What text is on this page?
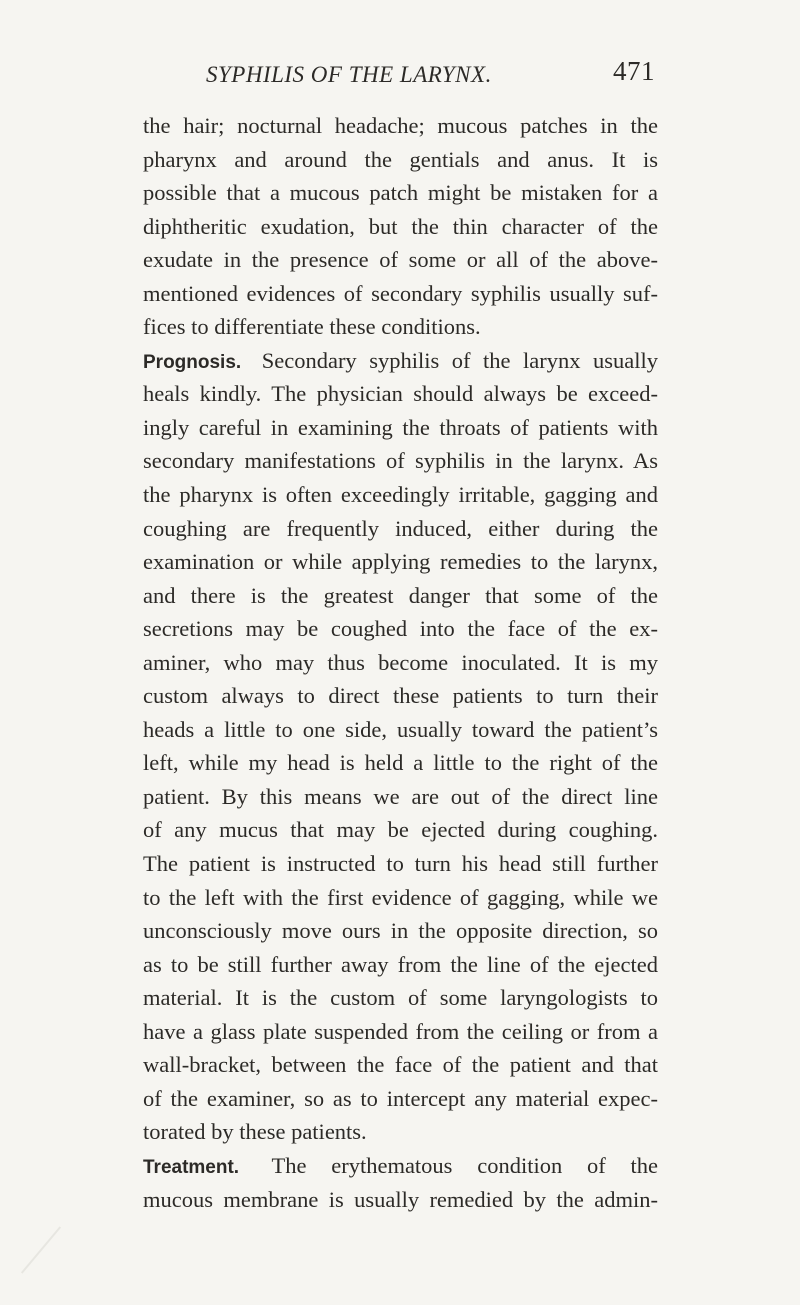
SYPHILIS OF THE LARYNX.	471
the hair; nocturnal headache; mucous patches in the
pharynx and around the gentials and anus. It is
possible that a mucous patch might be mistaken for a
diphtheritic exudation, but the thin character of the
exudate in the presence of some or all of the above-
mentioned evidences of secondary syphilis usually suf-
fices to differentiate these conditions.
Prognosis. Secondary syphilis of the larynx usually
heals kindly. The physician should always be exceed-
ingly careful in examining the throats of patients with
secondary manifestations of syphilis in the larynx. As
the pharynx is often exceedingly irritable, gagging and
coughing are frequently induced, either during the
examination or while applying remedies to the larynx,
and there is the greatest danger that some of the
secretions may be coughed into the face of the ex-
aminer, who may thus become inoculated. It is my
custom always to direct these patients to turn their
heads a little to one side, usually toward the patient’s
left, while my head is held a little to the right of the
patient. By this means we are out of the direct line
of any mucus that may be ejected during coughing.
The patient is instructed to turn his head still further
to the left with the first evidence of gagging, while we
unconsciously move ours in the opposite direction, so
as to be still further away from the line of the ejected
material. It is the custom of some laryngologists to
have a glass plate suspended from the ceiling or from a
wall-bracket, between the face of the patient and that
of the examiner, so as to intercept any material expec-
torated by these patients.
Treatment. The erythematous condition of the
mucous membrane is usually remedied by the admin-
